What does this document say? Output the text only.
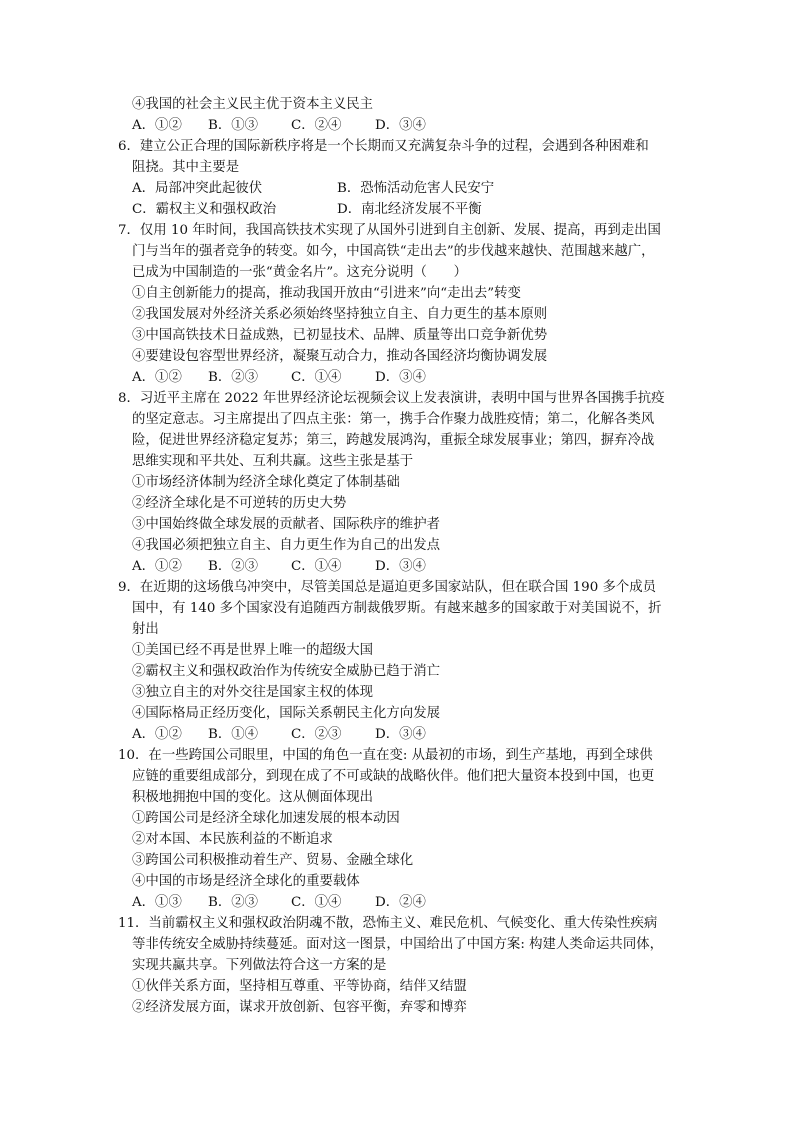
④我国的社会主义民主优于资本主义民主
A．①②	B．①③	C．②④	D．③④
6．建立公正合理的国际新秩序将是一个长期而又充满复杂斗争的过程，会遇到各种困难和
阻挠。其中主要是
A．局部冲突此起彼伏	B．恐怖活动危害人民安宁
C．霸权主义和强权政治	D．南北经济发展不平衡
7．仅用 10 年时间，我国高铁技术实现了从国外引进到自主创新、发展、提高，再到走出国
门与当年的强者竞争的转变。如今，中国高铁“走出去”的步伐越来越快、范围越来越广，
已成为中国制造的一张“黄金名片”。这充分说明（　　）
①自主创新能力的提高，推动我国开放由“引进来”向“走出去”转变
②我国发展对外经济关系必须始终坚持独立自主、自力更生的基本原则
③中国高铁技术日益成熟，已初显技术、品牌、质量等出口竞争新优势
④要建设包容型世界经济，凝聚互动合力，推动各国经济均衡协调发展
A．①②	B．②③	C．①④	D．③④
8．习近平主席在 2022 年世界经济论坛视频会议上发表演讲，表明中国与世界各国携手抗疫
的坚定意志。习主席提出了四点主张：第一，携手合作聚力战胜疫情；第二，化解各类风
险，促进世界经济稳定复苏；第三，跨越发展鸿沟，重振全球发展事业；第四，摒弃冷战
思维实现和平共处、互利共赢。这些主张是基于
①市场经济体制为经济全球化奠定了体制基础
②经济全球化是不可逆转的历史大势
③中国始终做全球发展的贡献者、国际秩序的维护者
④我国必须把独立自主、自力更生作为自己的出发点
A．①②	B．②③	C．①④	D．③④
9．在近期的这场俄乌冲突中，尽管美国总是逼迫更多国家站队，但在联合国 190 多个成员
国中，有 140 多个国家没有追随西方制裁俄罗斯。有越来越多的国家敢于对美国说不，折
射出
①美国已经不再是世界上唯一的超级大国
②霸权主义和强权政治作为传统安全威胁已趋于消亡
③独立自主的对外交往是国家主权的体现
④国际格局正经历变化，国际关系朝民主化方向发展
A．①②	B．①④	C．②③	D．③④
10．在一些跨国公司眼里，中国的角色一直在变: 从最初的市场，到生产基地，再到全球供
应链的重要组成部分，到现在成了不可或缺的战略伙伴。他们把大量资本投到中国，也更
积极地拥抱中国的变化。这从侧面体现出
①跨国公司是经济全球化加速发展的根本动因
②对本国、本民族利益的不断追求
③跨国公司积极推动着生产、贸易、金融全球化
④中国的市场是经济全球化的重要载体
A．①③	B．②③	C．①④	D．②④
11．当前霸权主义和强权政治阴魂不散，恐怖主义、难民危机、气候变化、重大传染性疾病
等非传统安全威胁持续蔓延。面对这一图景，中国给出了中国方案: 构建人类命运共同体，
实现共赢共享。下列做法符合这一方案的是
①伙伴关系方面，坚持相互尊重、平等协商，结伴又结盟
②经济发展方面，谋求开放创新、包容平衡，弃零和博弈
